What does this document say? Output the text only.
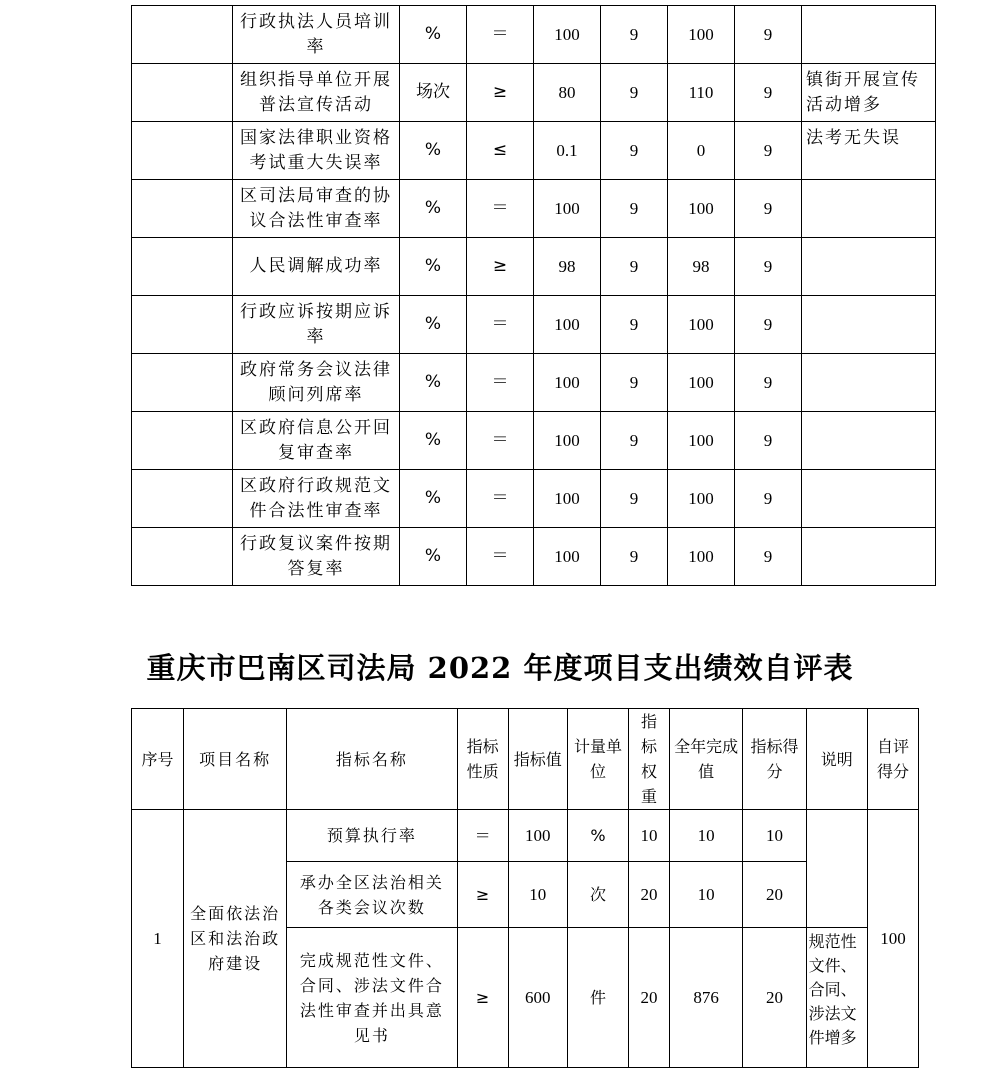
	行政执法人员培训率	%	＝	100	9	100	9	
	组织指导单位开展普法宣传活动	场次	≥	80	9	110	9	镇街开展宣传活动增多
	国家法律职业资格考试重大失误率	%	≤	0.1	9	0	9	法考无失误
	区司法局审查的协议合法性审查率	%	＝	100	9	100	9	
	人民调解成功率	%	≥	98	9	98	9	
	行政应诉按期应诉率	%	＝	100	9	100	9	
	政府常务会议法律顾问列席率	%	＝	100	9	100	9	
	区政府信息公开回复审查率	%	＝	100	9	100	9	
	区政府行政规范文件合法性审查率	%	＝	100	9	100	9	
	行政复议案件按期答复率	%	＝	100	9	100	9	
重庆市巴南区司法局 2022 年度项目支出绩效自评表
序号	项目名称	指标名称	指标性质	指标值	计量单位	指标权重	全年完成值	指标得分	说明	自评得分
1	全面依法治区和法治政府建设	预算执行率	＝	100	%	10	10	10		100
		承办全区法治相关各类会议次数	≥	10	次	20	10	20		
		完成规范性文件、合同、涉法文件合法性审查并出具意见书	≥	600	件	20	876	20	规范性文件、合同、涉法文件增多	
